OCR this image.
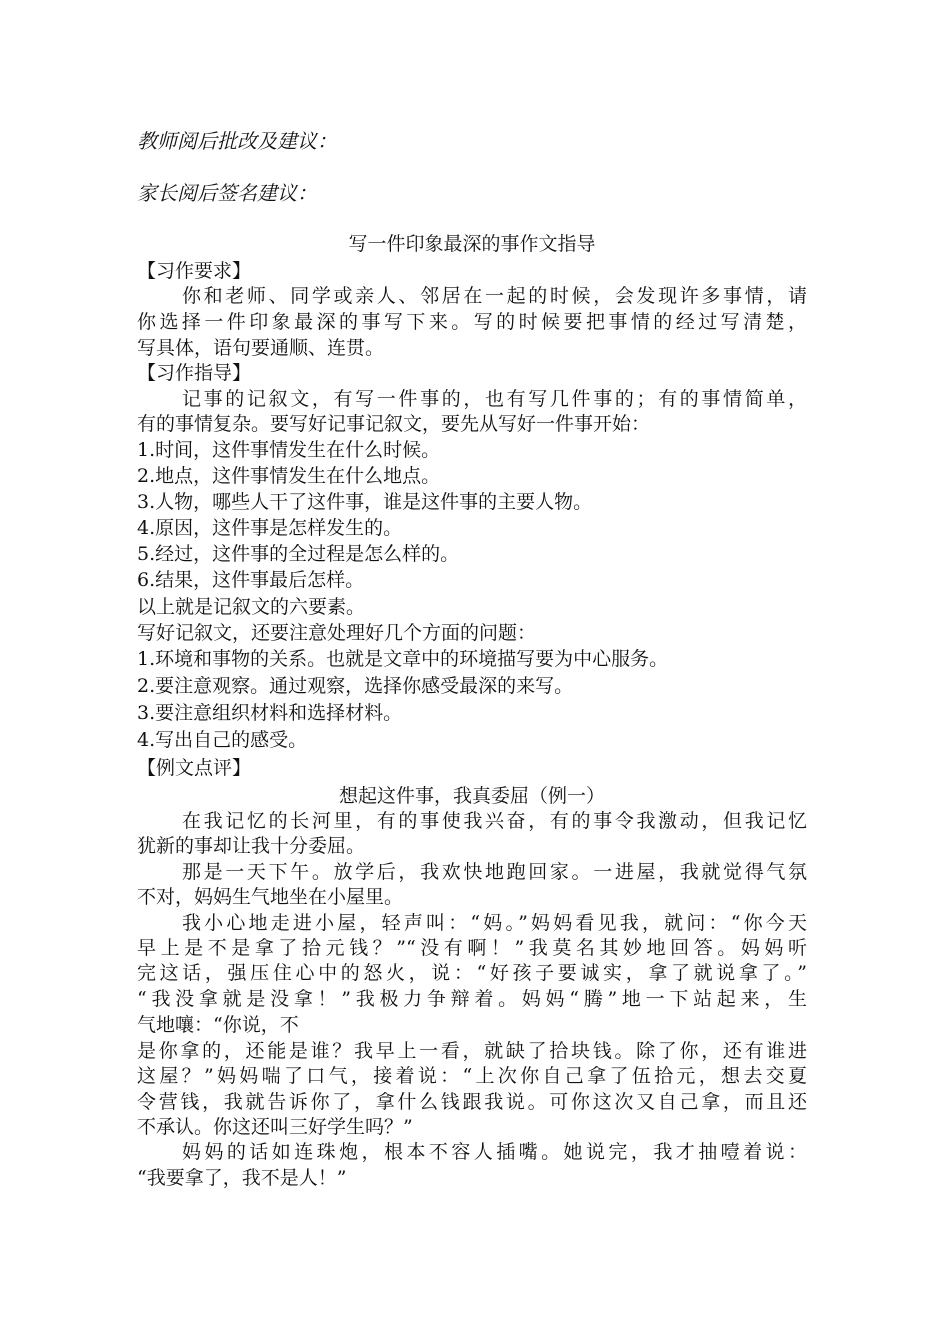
教师阅后批改及建议：
家长阅后签名建议：
写一件印象最深的事作文指导
【习作要求】
你和老师、同学或亲人、邻居在一起的时候，会发现许多事情，请
你选择一件印象最深的事写下来。写的时候要把事情的经过写清楚，
写具体，语句要通顺、连贯。
【习作指导】
记事的记叙文，有写一件事的，也有写几件事的；有的事情简单，
有的事情复杂。要写好记事记叙文，要先从写好一件事开始：
1.时间，这件事情发生在什么时候。
2.地点，这件事情发生在什么地点。
3.人物，哪些人干了这件事，谁是这件事的主要人物。
4.原因，这件事是怎样发生的。
5.经过，这件事的全过程是怎么样的。
6.结果，这件事最后怎样。
以上就是记叙文的六要素。
写好记叙文，还要注意处理好几个方面的问题：
1.环境和事物的关系。也就是文章中的环境描写要为中心服务。
2.要注意观察。通过观察，选择你感受最深的来写。
3.要注意组织材料和选择材料。
4.写出自己的感受。
【例文点评】
想起这件事，我真委屈（例一）
在我记忆的长河里，有的事使我兴奋，有的事令我激动，但我记忆
犹新的事却让我十分委屈。
那是一天下午。放学后，我欢快地跑回家。一进屋，我就觉得气氛
不对，妈妈生气地坐在小屋里。
我小心地走进小屋，轻声叫：“妈。”妈妈看见我，就问：“你今天
早上是不是拿了拾元钱？”“没有啊！”我莫名其妙地回答。妈妈听
完这话，强压住心中的怒火，说：“好孩子要诚实，拿了就说拿了。”
“我没拿就是没拿！”我极力争辩着。妈妈“腾”地一下站起来，生
气地嚷：“你说，不
是你拿的，还能是谁？我早上一看，就缺了拾块钱。除了你，还有谁进
这屋？”妈妈喘了口气，接着说：“上次你自己拿了伍拾元，想去交夏
令营钱，我就告诉你了，拿什么钱跟我说。可你这次又自己拿，而且还
不承认。你这还叫三好学生吗？”
妈妈的话如连珠炮，根本不容人插嘴。她说完，我才抽噎着说：
“我要拿了，我不是人！”
